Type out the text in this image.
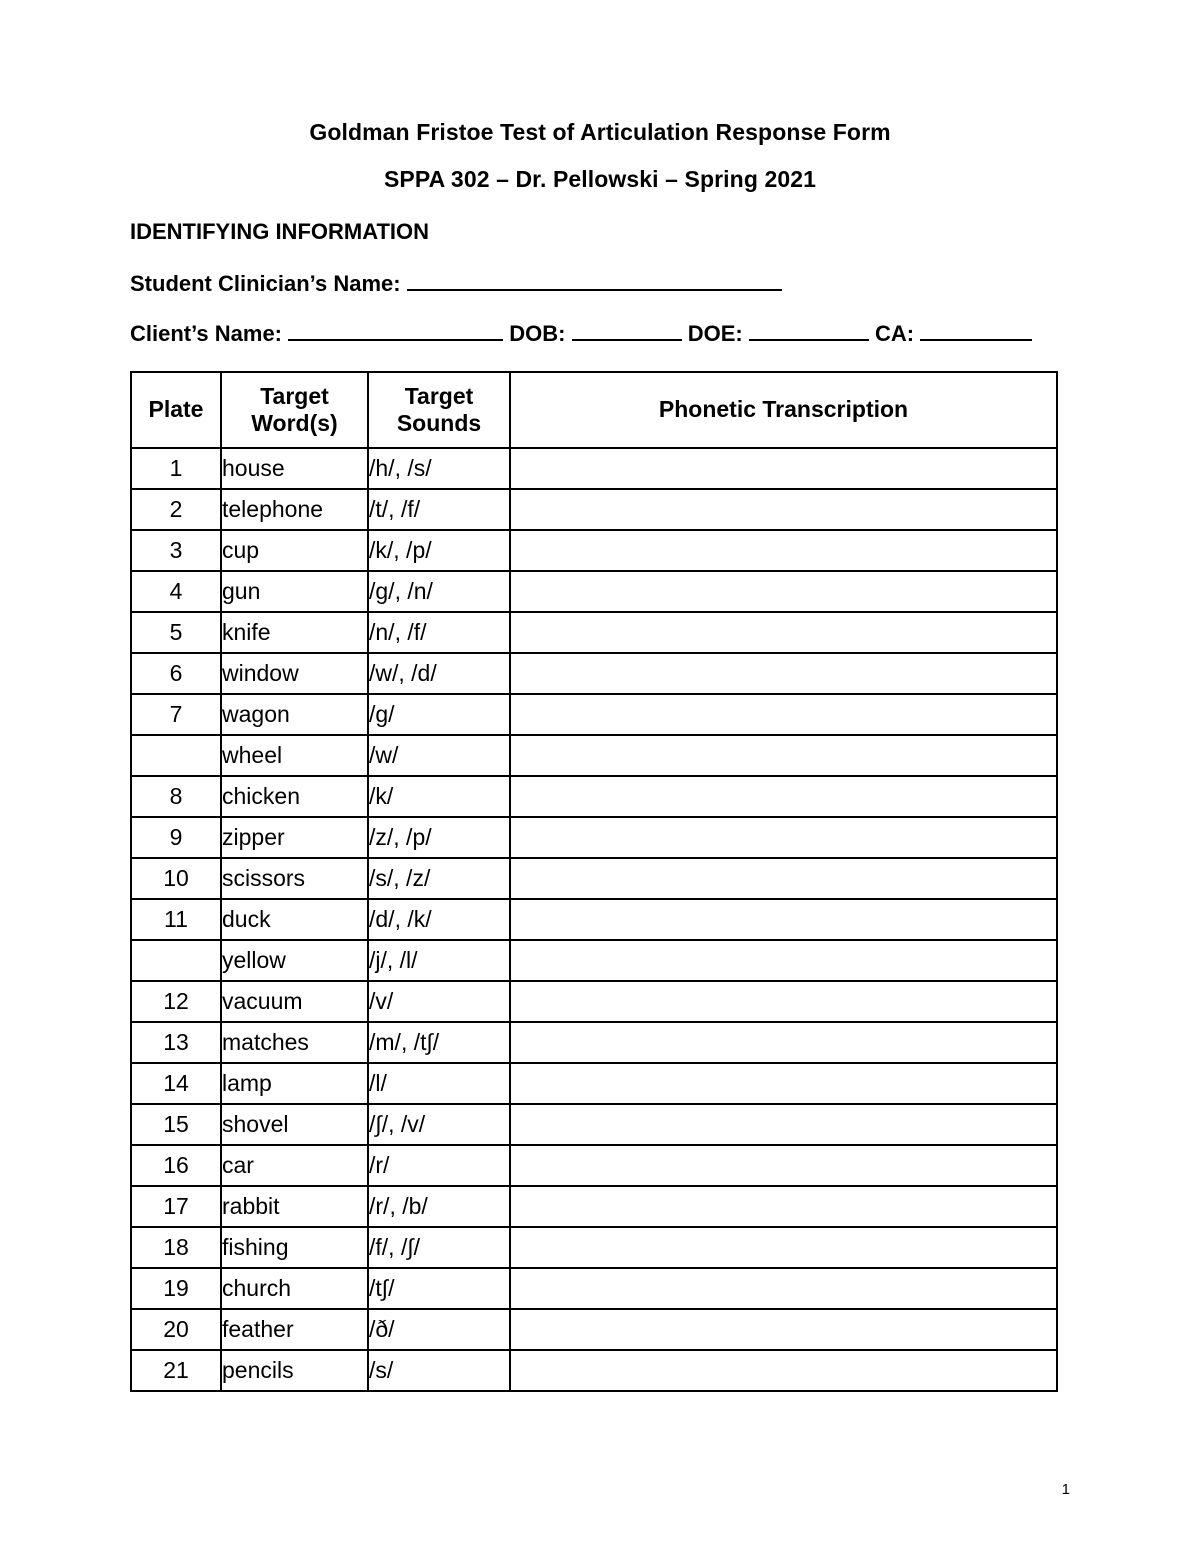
Goldman Fristoe Test of Articulation Response Form
SPPA 302 – Dr. Pellowski – Spring 2021
IDENTIFYING INFORMATION
Student Clinician’s Name:
Client’s Name:	DOB:	DOE:	CA:
Plate	Target Word(s)	Target Sounds	Phonetic Transcription
1	house	/h/, /s/	
2	telephone	/t/, /f/	
3	cup	/k/, /p/	
4	gun	/g/, /n/	
5	knife	/n/, /f/	
6	window	/w/, /d/	
7	wagon	/g/	
	wheel	/w/	
8	chicken	/k/	
9	zipper	/z/, /p/	
10	scissors	/s/, /z/	
11	duck	/d/, /k/	
	yellow	/j/, /l/	
12	vacuum	/v/	
13	matches	/m/, /t∫/	
14	lamp	/l/	
15	shovel	/∫/, /v/	
16	car	/r/	
17	rabbit	/r/, /b/	
18	fishing	/f/, /∫/	
19	church	/t∫/	
20	feather	/ð/	
21	pencils	/s/	
1
